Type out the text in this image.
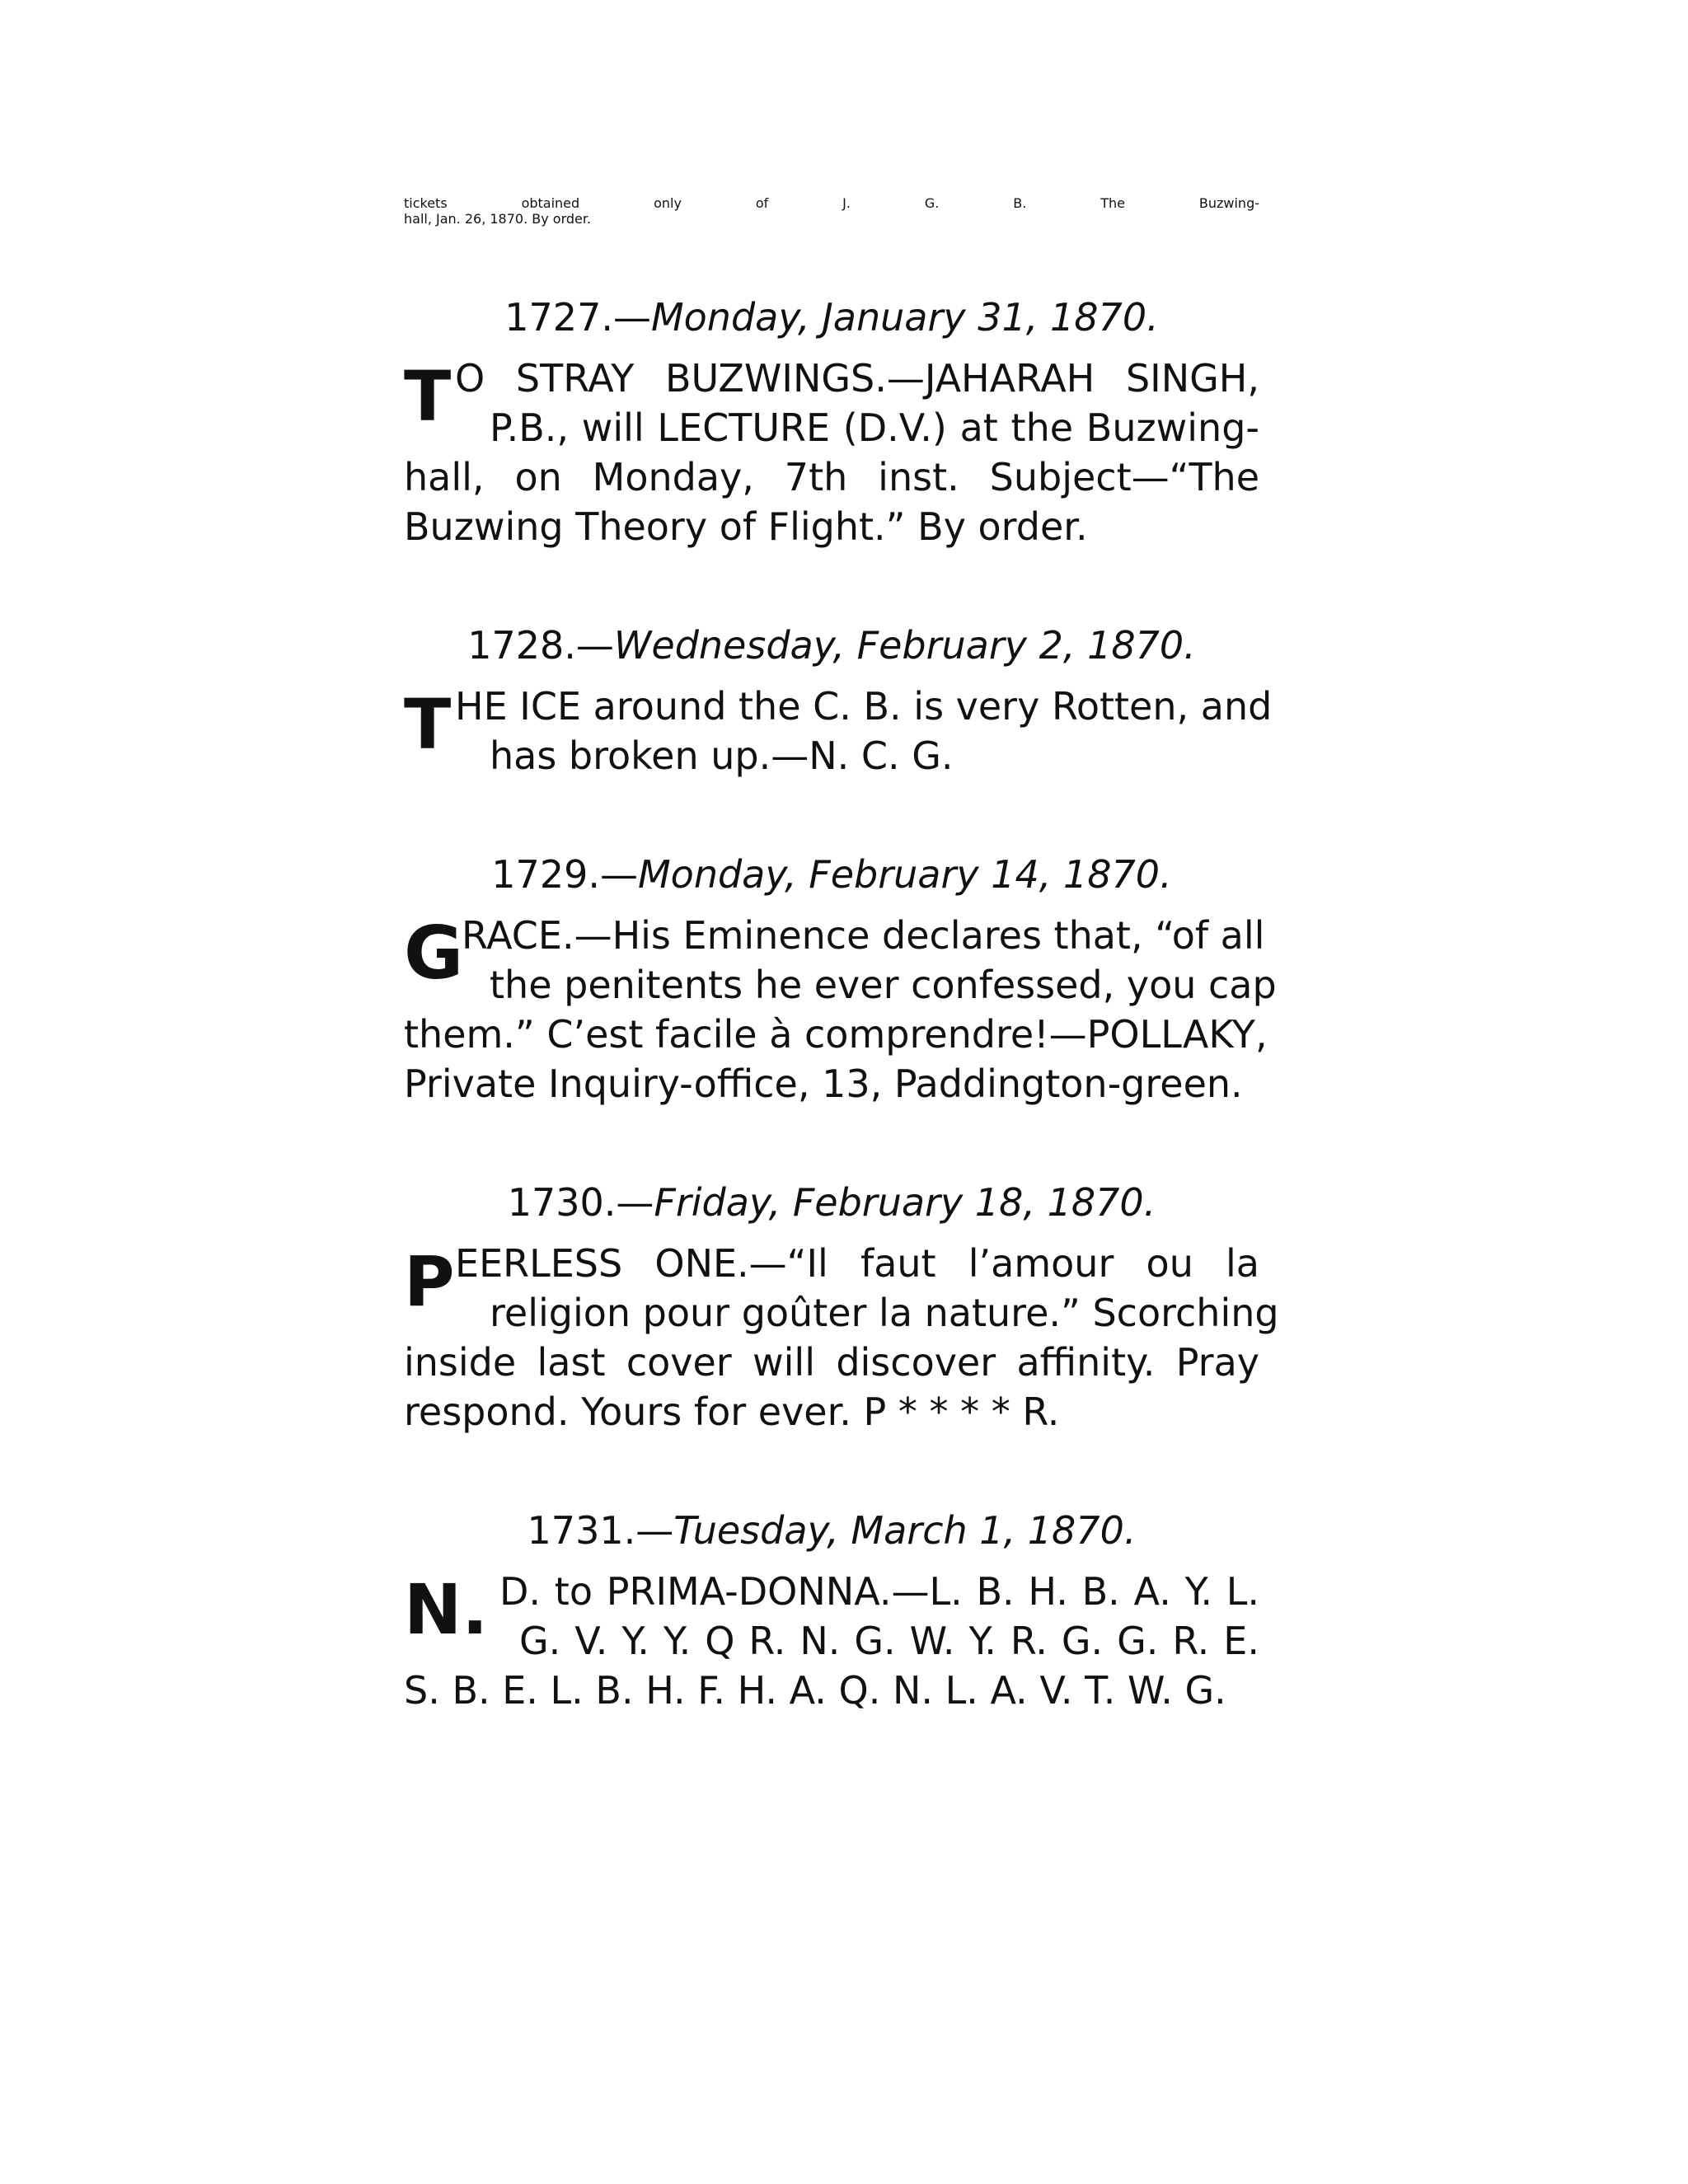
tickets obtained only of J. G. B. The Buzwing-
hall, Jan. 26, 1870. By order.

1727.—Monday, January 31, 1870.

T O STRAY BUZWINGS.—JAHARAH SINGH,
P.B., will LECTURE (D.V.) at the Buzwing-
hall, on Monday, 7th inst. Subject—“The
Buzwing Theory of Flight.” By order.

1728.—Wednesday, February 2, 1870.

T HE ICE around the C. B. is very Rotten, and
has broken up.—N. C. G.

1729.—Monday, February 14, 1870.

G
RACE.—His Eminence declares that, “of all
the penitents he ever confessed, you cap
them.” C’est facile à comprendre!—POLLAKY,
Private Inquiry-office, 13, Paddington-green.

1730.—Friday, February 18, 1870.

P EERLESS ONE.—“Il faut l’amour ou la
religion pour goûter la nature.” Scorching
inside last cover will discover affinity. Pray
respond. Yours for ever. P * * * * R.

1731.—Tuesday, March 1, 1870.

N. D. to PRIMA-DONNA.—L. B. H. B. A. Y. L.
G. V. Y. Y. Q R. N. G. W. Y. R. G. G. R. E.
S. B. E. L. B. H. F. H. A. Q. N. L. A. V. T. W. G.
